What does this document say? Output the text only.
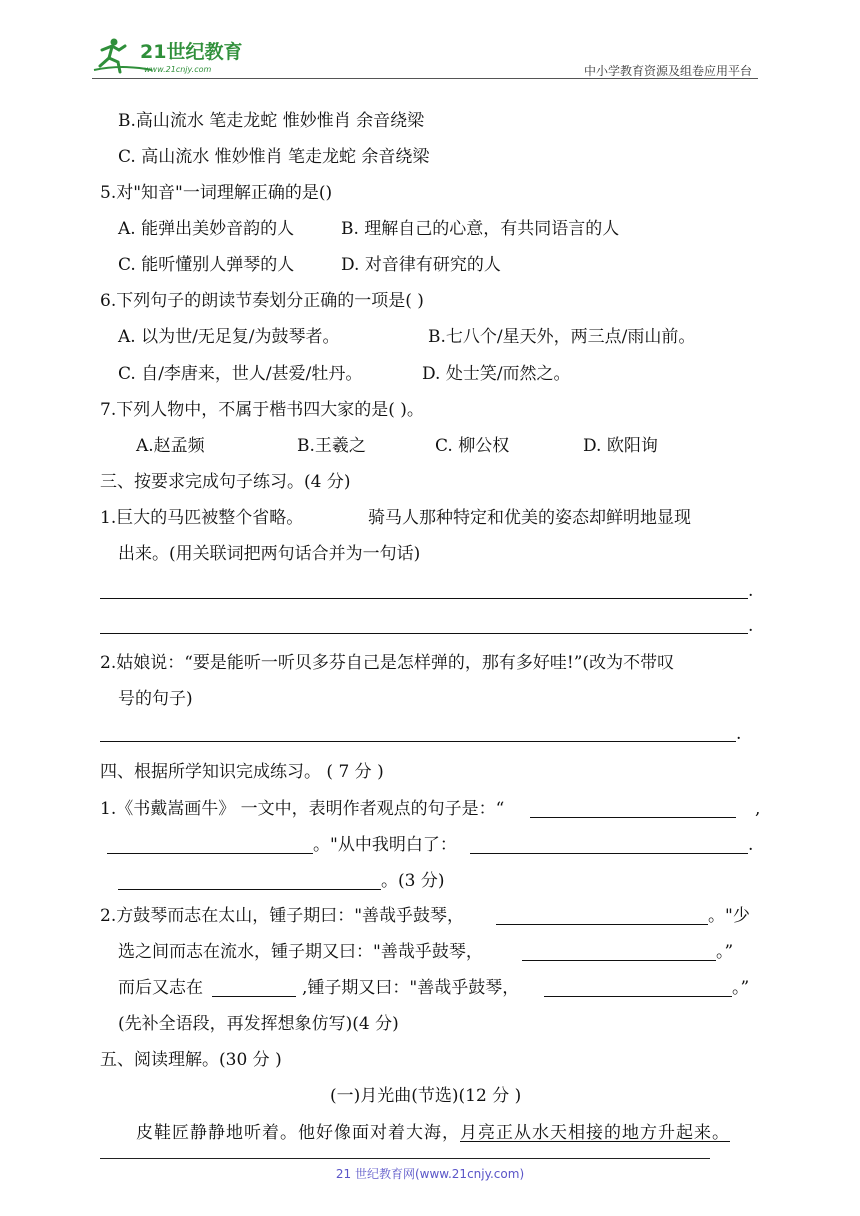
21世纪教育
www.21cnjy.com	中小学教育资源及组卷应用平台
B.高山流水 笔走龙蛇 惟妙惟肖 余音绕梁
C. 高山流水 惟妙惟肖 笔走龙蛇 余音绕梁
5.对"知音"一词理解正确的是()
A. 能弹出美妙音韵的人	B. 理解自己的心意，有共同语言的人
C. 能听懂别人弹琴的人	D. 对音律有研究的人
6.下列句子的朗读节奏划分正确的一项是( )
A. 以为世/无足复/为鼓琴者。	B.七八个/星天外，两三点/雨山前。
C. 自/李唐来，世人/甚爱/牡丹。	D. 处士笑/而然之。
7.下列人物中，不属于楷书四大家的是( )。
A.赵孟频	B.王羲之	C. 柳公权	D. 欧阳询
三、按要求完成句子练习。(4 分)
1.巨大的马匹被整个省略。	骑马人那种特定和优美的姿态却鲜明地显现
出来。(用关联词把两句话合并为一句话)
.
.
2.姑娘说：“要是能听一听贝多芬自己是怎样弹的，那有多好哇!”(改为不带叹
号的句子)
.
四、根据所学知识完成练习。 ( 7 分 )
1.《书戴嵩画牛》 一文中，表明作者观点的句子是：“	,
。"从中我明白了：	.
。(3 分)
2.方鼓琴而志在太山，锺子期曰："善哉乎鼓琴，	。"少
选之间而志在流水，锺子期又曰："善哉乎鼓琴，	。”
而后又志在	,锺子期又曰："善哉乎鼓琴，	。”
(先补全语段，再发挥想象仿写)(4 分)
五、阅读理解。(30 分 )
(一)月光曲(节选)(12 分 )
皮鞋匠静静地听着。他好像面对着大海，月亮正从水天相接的地方升起来。
21 世纪教育网(www.21cnjy.com)
